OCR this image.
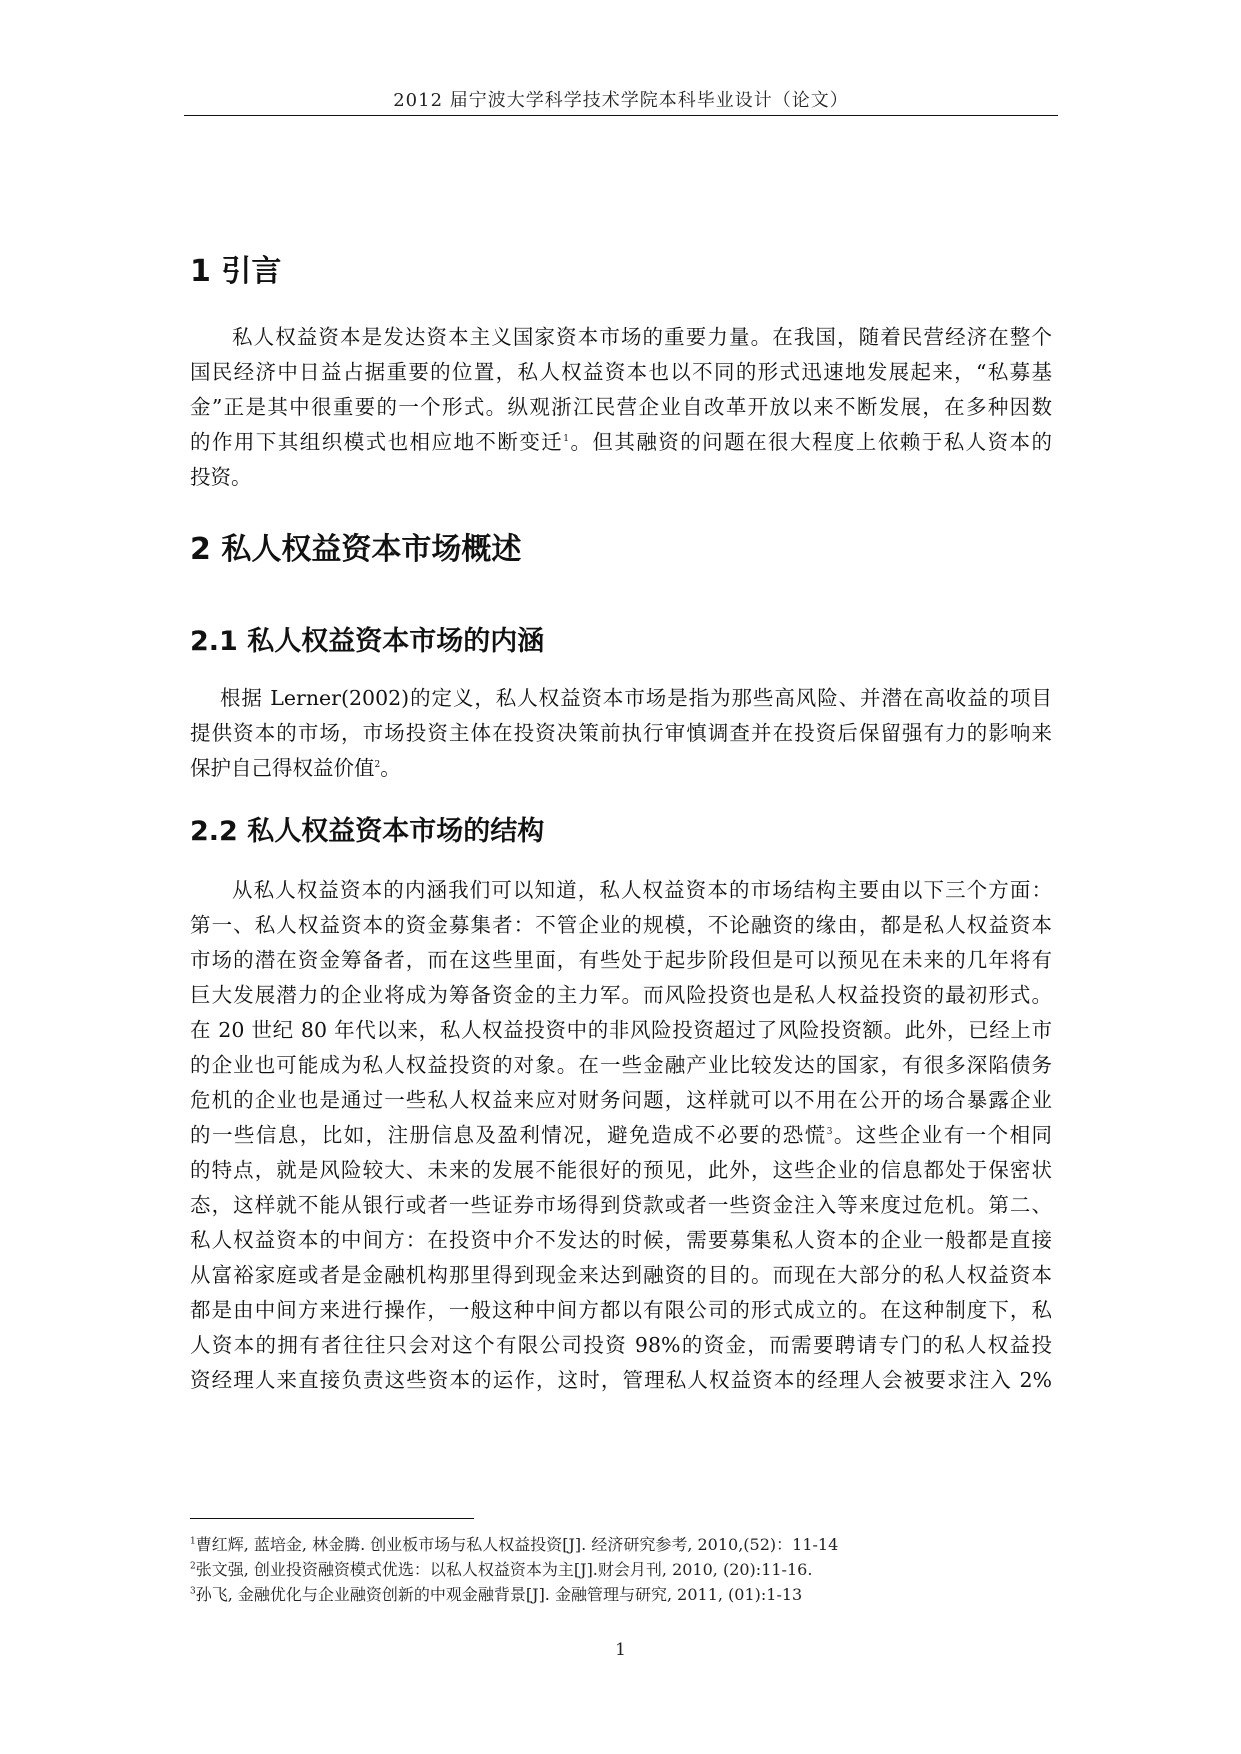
2012 届宁波大学科学技术学院本科毕业设计（论文）
1 引言
私人权益资本是发达资本主义国家资本市场的重要力量。在我国，随着民营经济在整个
国民经济中日益占据重要的位置，私人权益资本也以不同的形式迅速地发展起来，“私募基
金”正是其中很重要的一个形式。纵观浙江民营企业自改革开放以来不断发展，在多种因数
的作用下其组织模式也相应地不断变迁$^1$。但其融资的问题在很大程度上依赖于私人资本的
投资。
2 私人权益资本市场概述
2.1 私人权益资本市场的内涵
根据 Lerner(2002)的定义，私人权益资本市场是指为那些高风险、并潜在高收益的项目
提供资本的市场，市场投资主体在投资决策前执行审慎调查并在投资后保留强有力的影响来
保护自己得权益价值$^2$。
2.2 私人权益资本市场的结构
从私人权益资本的内涵我们可以知道，私人权益资本的市场结构主要由以下三个方面：
第一、私人权益资本的资金募集者：不管企业的规模，不论融资的缘由，都是私人权益资本
市场的潜在资金筹备者，而在这些里面，有些处于起步阶段但是可以预见在未来的几年将有
巨大发展潜力的企业将成为筹备资金的主力军。而风险投资也是私人权益投资的最初形式。
在 20 世纪 80 年代以来，私人权益投资中的非风险投资超过了风险投资额。此外，已经上市
的企业也可能成为私人权益投资的对象。在一些金融产业比较发达的国家，有很多深陷债务
危机的企业也是通过一些私人权益来应对财务问题，这样就可以不用在公开的场合暴露企业
的一些信息，比如，注册信息及盈利情况，避免造成不必要的恐慌$^3$。这些企业有一个相同
的特点，就是风险较大、未来的发展不能很好的预见，此外，这些企业的信息都处于保密状
态，这样就不能从银行或者一些证券市场得到贷款或者一些资金注入等来度过危机。第二、
私人权益资本的中间方：在投资中介不发达的时候，需要募集私人资本的企业一般都是直接
从富裕家庭或者是金融机构那里得到现金来达到融资的目的。而现在大部分的私人权益资本
都是由中间方来进行操作，一般这种中间方都以有限公司的形式成立的。在这种制度下，私
人资本的拥有者往往只会对这个有限公司投资 98%的资金，而需要聘请专门的私人权益投
资经理人来直接负责这些资本的运作，这时，管理私人权益资本的经理人会被要求注入 2%
$^1$曹红辉, 蓝培金, 林金腾. 创业板市场与私人权益投资[J]. 经济研究参考, 2010,(52)：11-14
$^2$张文强, 创业投资融资模式优选：以私人权益资本为主[J].财会月刊, 2010, (20):11-16.
$^3$孙飞, 金融优化与企业融资创新的中观金融背景[J]. 金融管理与研究, 2011, (01):1-13
1
